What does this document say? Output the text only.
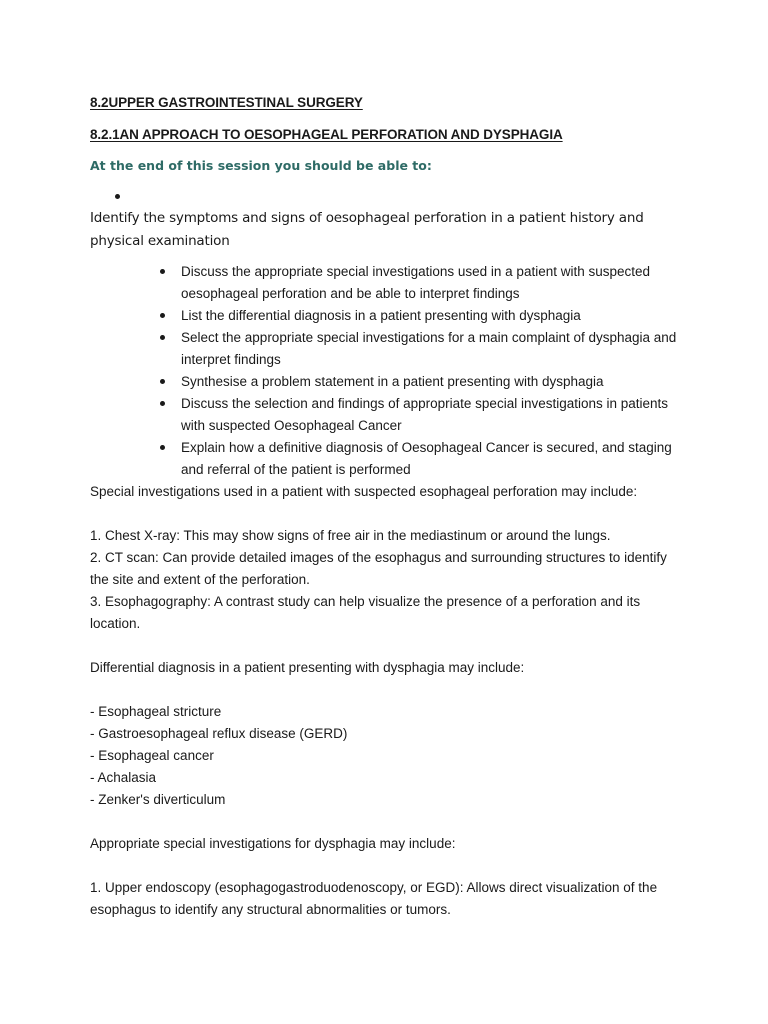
8.2UPPER GASTROINTESTINAL SURGERY

8.2.1AN APPROACH TO OESOPHAGEAL PERFORATION AND DYSPHAGIA

At the end of this session you should be able to:

Identify the symptoms and signs of oesophageal perforation in a patient history and physical examination

Discuss the appropriate special investigations used in a patient with suspected oesophageal perforation and be able to interpret findings
List the differential diagnosis in a patient presenting with dysphagia
Select the appropriate special investigations for a main complaint of dysphagia and interpret findings
Synthesise a problem statement in a patient presenting with dysphagia
Discuss the selection and findings of appropriate special investigations in patients with suspected Oesophageal Cancer
Explain how a definitive diagnosis of Oesophageal Cancer is secured, and staging and referral of the patient is performed

Special investigations used in a patient with suspected esophageal perforation may include:

1. Chest X-ray: This may show signs of free air in the mediastinum or around the lungs.

2. CT scan: Can provide detailed images of the esophagus and surrounding structures to identify the site and extent of the perforation.

3. Esophagography: A contrast study can help visualize the presence of a perforation and its location.

Differential diagnosis in a patient presenting with dysphagia may include:

- Esophageal stricture

- Gastroesophageal reflux disease (GERD)

- Esophageal cancer

- Achalasia

- Zenker's diverticulum

Appropriate special investigations for dysphagia may include:

1. Upper endoscopy (esophagogastroduodenoscopy, or EGD): Allows direct visualization of the esophagus to identify any structural abnormalities or tumors.
